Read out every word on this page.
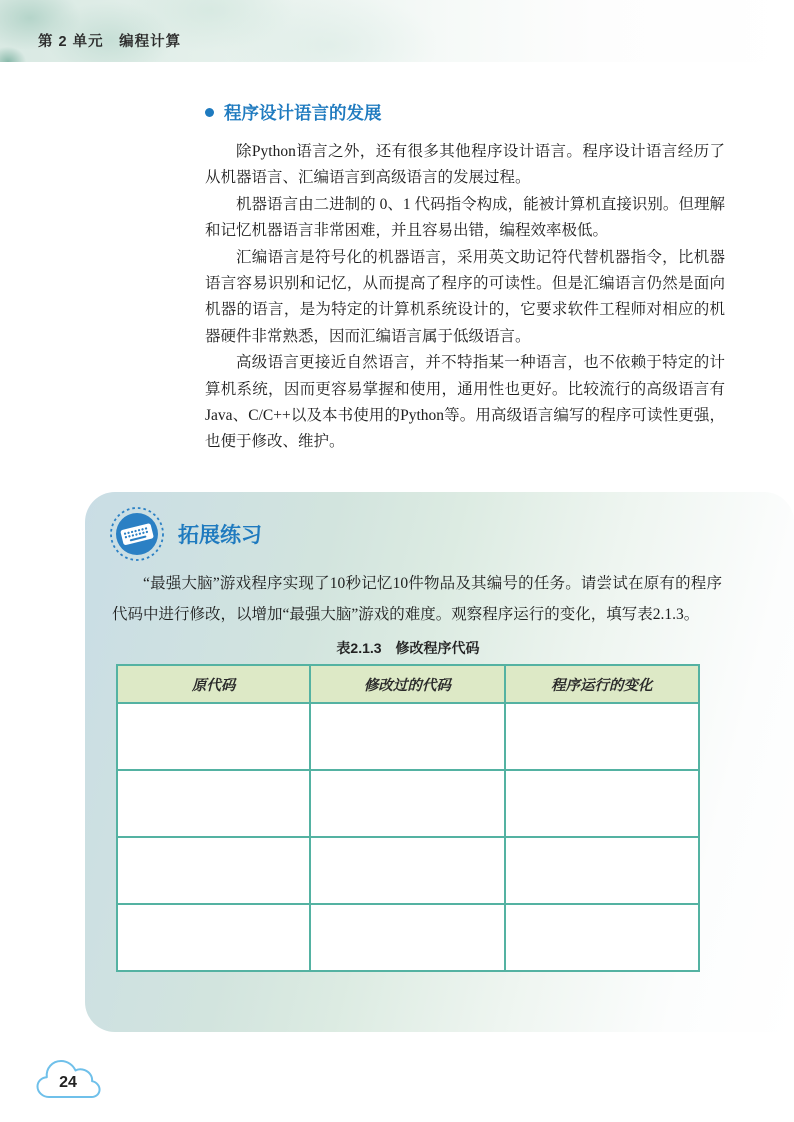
第 2 单元　编程计算
程序设计语言的发展

除Python语言之外，还有很多其他程序设计语言。程序设计语言经历了从机器语言、汇编语言到高级语言的发展过程。

机器语言由二进制的 0、1 代码指令构成，能被计算机直接识别。但理解和记忆机器语言非常困难，并且容易出错，编程效率极低。

汇编语言是符号化的机器语言，采用英文助记符代替机器指令，比机器语言容易识别和记忆，从而提高了程序的可读性。但是汇编语言仍然是面向机器的语言，是为特定的计算机系统设计的，它要求软件工程师对相应的机器硬件非常熟悉，因而汇编语言属于低级语言。

高级语言更接近自然语言，并不特指某一种语言，也不依赖于特定的计算机系统，因而更容易掌握和使用，通用性也更好。比较流行的高级语言有Java、C/C++以及本书使用的Python等。用高级语言编写的程序可读性更强，也便于修改、维护。

拓展练习

“最强大脑”游戏程序实现了10秒记忆10件物品及其编号的任务。请尝试在原有的程序代码中进行修改，以增加“最强大脑”游戏的难度。观察程序运行的变化，填写表2.1.3。

表2.1.3　修改程序代码
原代码	修改过的代码	程序运行的变化

24
